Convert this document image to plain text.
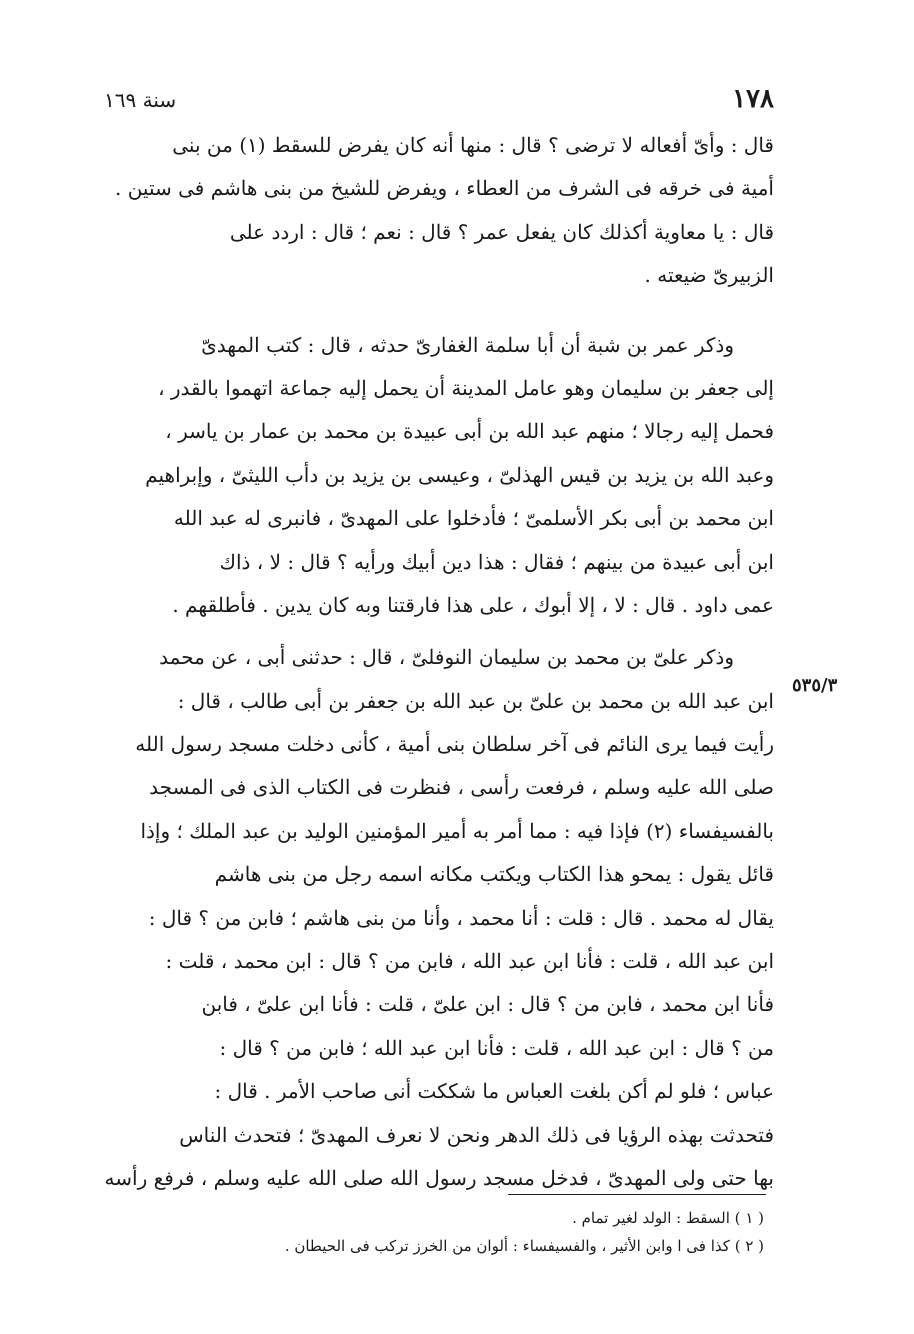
١٧٨
سنة ١٦٩
٥٣٥/٣
قال : وأىّ أفعاله لا ترضى ؟ قال : منها أنه كان يفرض للسقط (١) من بنى
أمية فى خرقه فى الشرف من العطاء ، ويفرض للشيخ من بنى هاشم فى ستين .
قال : يا معاوية أكذلك كان يفعل عمر ؟ قال : نعم ؛ قال : اردد على
الزبيرىّ ضيعته .
وذكر عمر بن شبة أن أبا سلمة الغفارىّ حدثه ، قال : كتب المهدىّ
إلى جعفر بن سليمان وهو عامل المدينة أن يحمل إليه جماعة اتهموا بالقدر ،
فحمل إليه رجالا ؛ منهم عبد الله بن أبى عبيدة بن محمد بن عمار بن ياسر ،
وعبد الله بن يزيد بن قيس الهذلىّ ، وعيسى بن يزيد بن دأب الليثىّ ، وإبراهيم
ابن محمد بن أبى بكر الأسلمىّ ؛ فأدخلوا على المهدىّ ، فانبرى له عبد الله
ابن أبى عبيدة من بينهم ؛ فقال : هذا دين أبيك ورأيه ؟ قال : لا ، ذاك
عمى داود . قال : لا ، إلا أبوك ، على هذا فارقتنا وبه كان يدين . فأطلقهم .
وذكر علىّ بن محمد بن سليمان النوفلىّ ، قال : حدثنى أبى ، عن محمد
ابن عبد الله بن محمد بن علىّ بن عبد الله بن جعفر بن أبى طالب ، قال :
رأيت فيما يرى النائم فى آخر سلطان بنى أمية ، كأنى دخلت مسجد رسول الله
صلى الله عليه وسلم ، فرفعت رأسى ، فنظرت فى الكتاب الذى فى المسجد
بالفسيفساء (٢) فإذا فيه : مما أمر به أمير المؤمنين الوليد بن عبد الملك ؛ وإذا
قائل يقول : يمحو هذا الكتاب ويكتب مكانه اسمه رجل من بنى هاشم
يقال له محمد . قال : قلت : أنا محمد ، وأنا من بنى هاشم ؛ فابن من ؟ قال :
ابن عبد الله ، قلت : فأنا ابن عبد الله ، فابن من ؟ قال : ابن محمد ، قلت :
فأنا ابن محمد ، فابن من ؟ قال : ابن علىّ ، قلت : فأنا ابن علىّ ، فابن
من ؟ قال : ابن عبد الله ، قلت : فأنا ابن عبد الله ؛ فابن من ؟ قال :
عباس ؛ فلو لم أكن بلغت العباس ما شككت أنى صاحب الأمر . قال :
فتحدثت بهذه الرؤيا فى ذلك الدهر ونحن لا نعرف المهدىّ ؛ فتحدث الناس
بها حتى ولى المهدىّ ، فدخل مسجد رسول الله صلى الله عليه وسلم ، فرفع رأسه
( ١ ) السقط : الولد لغير تمام .
( ٢ ) كذا فى ا وابن الأثير ، والفسيفساء : ألوان من الخرز تركب فى الحيطان .
